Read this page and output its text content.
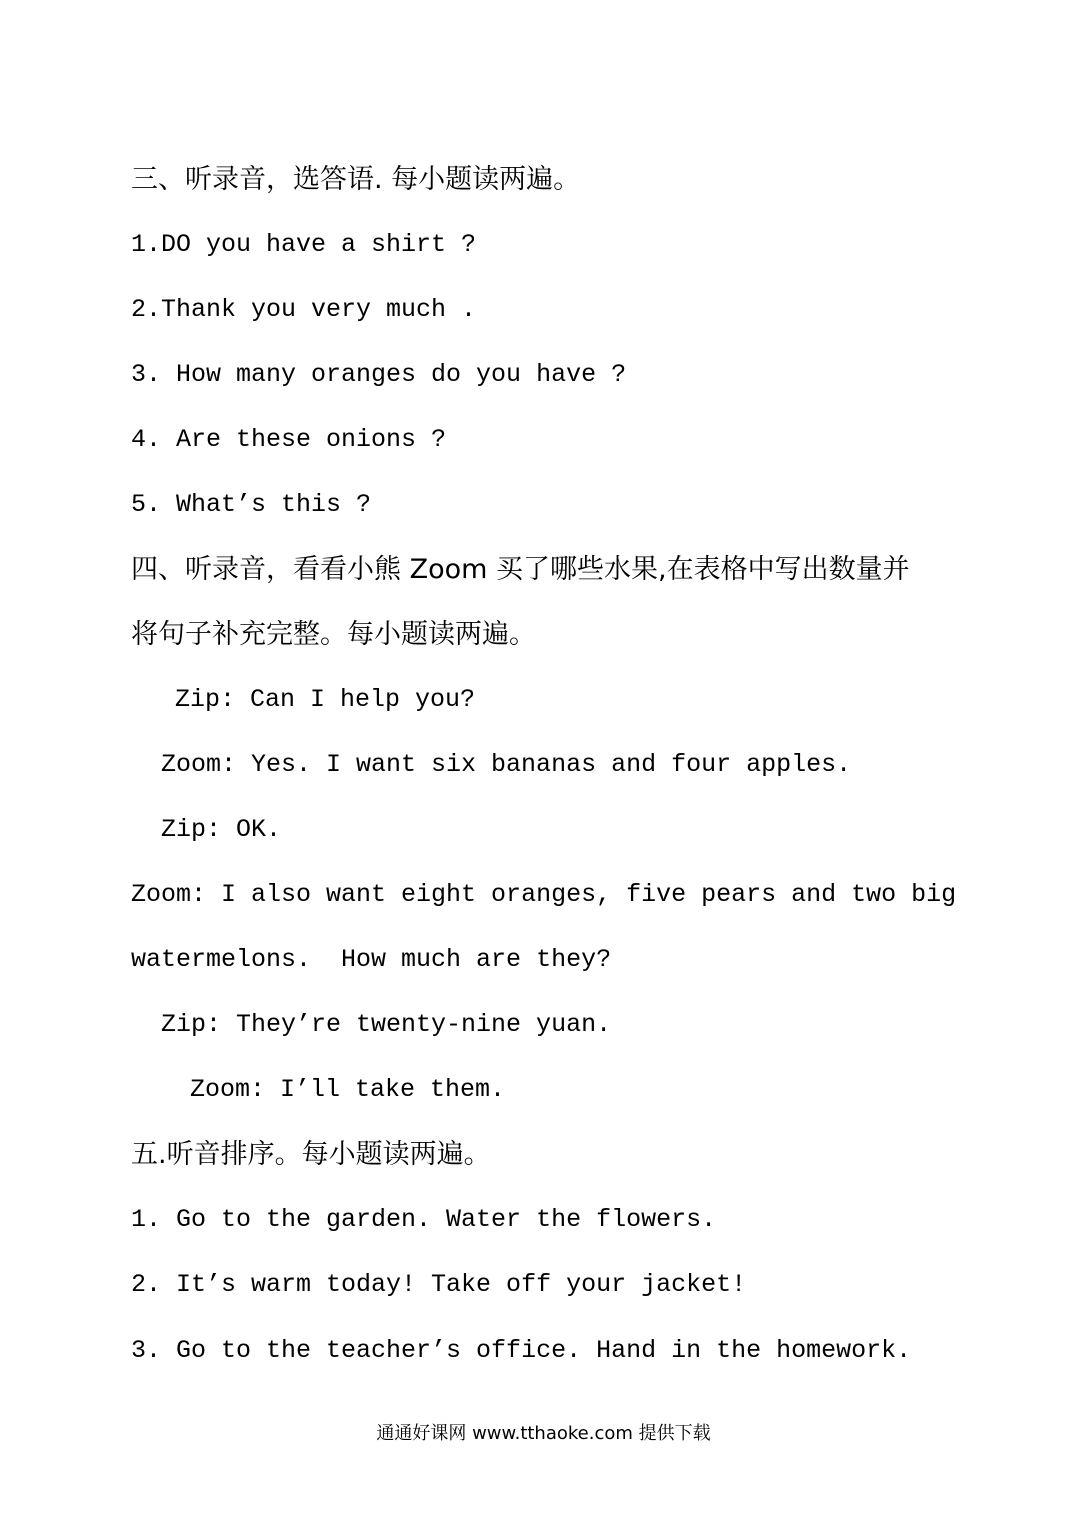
三、听录音，选答语. 每小题读两遍。
1.DO you have a shirt ?
2.Thank you very much .
3. How many oranges do you have ?
4. Are these onions ?
5. What’s this ?
四、听录音，看看小熊 Zoom 买了哪些水果,在表格中写出数量并
将句子补充完整。每小题读两遍。
Zip: Can I help you?
Zoom: Yes. I want six bananas and four apples.
Zip: OK.
Zoom: I also want eight oranges, five pears and two big
watermelons.  How much are they?
Zip: They’re twenty-nine yuan.
Zoom: I’ll take them.
五.听音排序。每小题读两遍。
1. Go to the garden. Water the flowers.
2. It’s warm today! Take off your jacket!
3. Go to the teacher’s office. Hand in the homework.
通通好课网 www.tthaoke.com 提供下载
